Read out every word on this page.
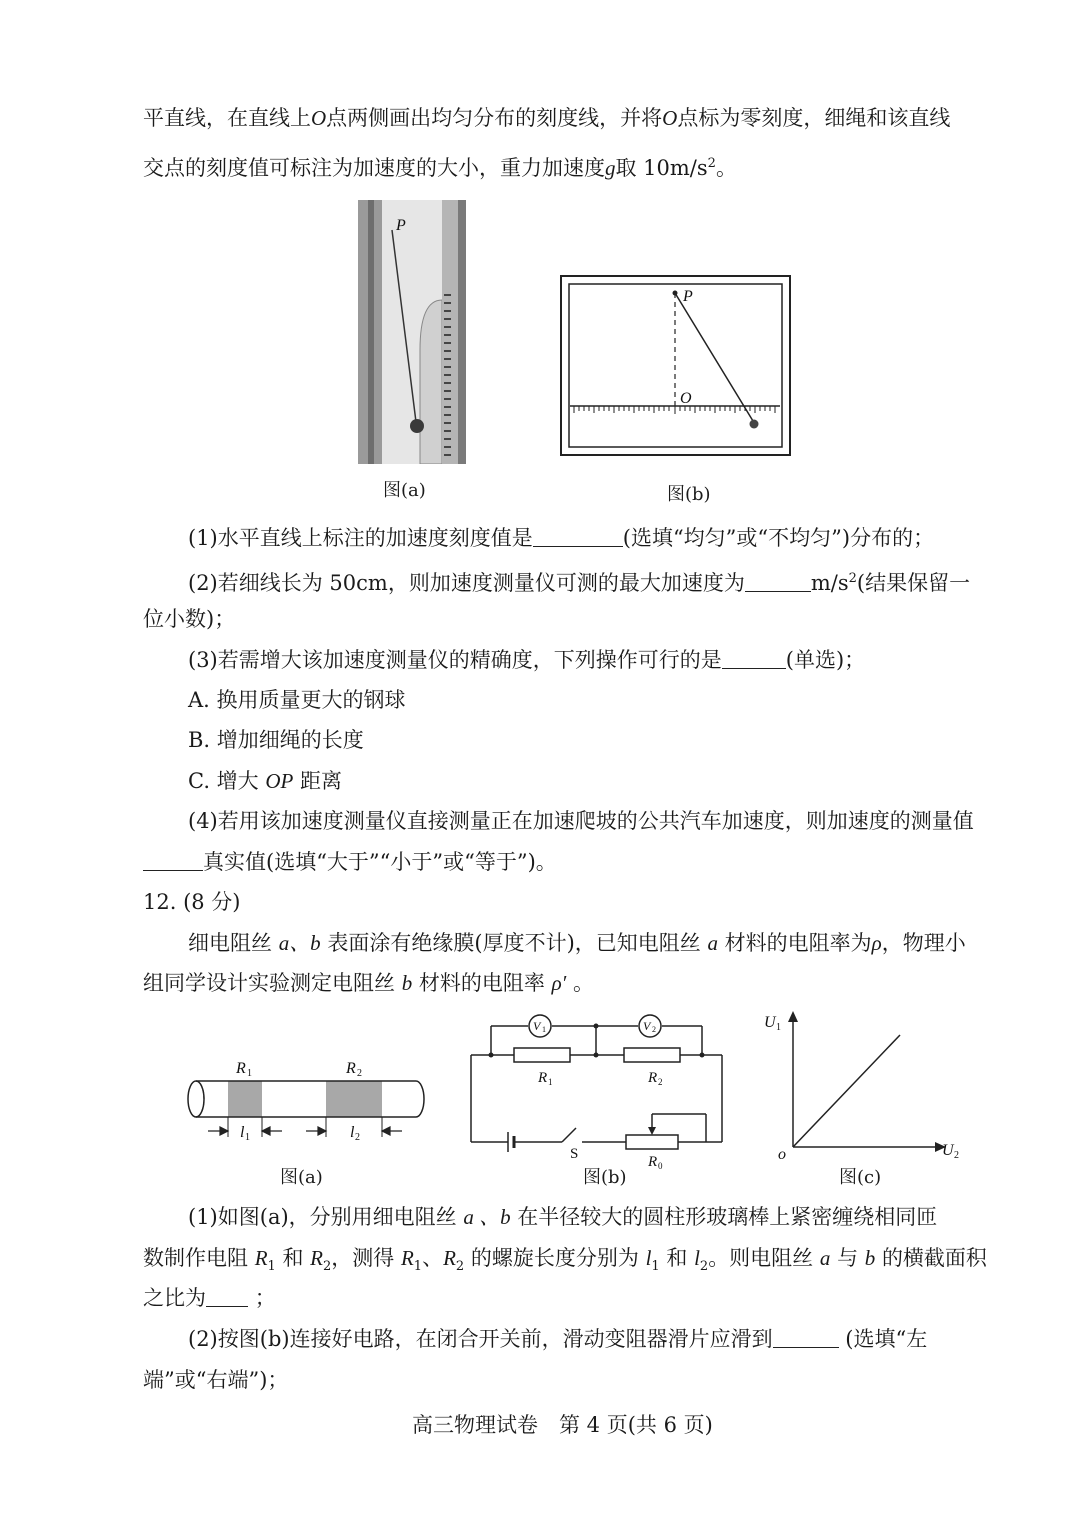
平直线，在直线上O点两侧画出均匀分布的刻度线，并将O点标为零刻度，细绳和该直线
交点的刻度值可标注为加速度的大小，重力加速度g取 $10m/s^2$。
P
图(a)
P
O
图(b)
(1)水平直线上标注的加速度刻度值是	(选填“均匀”或“不均匀”)分布的；
(2)若细线长为 50cm，则加速度测量仪可测的最大加速度为	$m/s^2$(结果保留一
位小数)；
(3)若需增大该加速度测量仪的精确度，下列操作可行的是	(单选)；
A. 换用质量更大的钢球
B. 增加细绳的长度
C. 增大 OP 距离
(4)若用该加速度测量仪直接测量正在加速爬坡的公共汽车加速度，则加速度的测量值
真实值(选填“大于”“小于”或“等于”)。
12. (8 分)
细电阻丝 a、b 表面涂有绝缘膜(厚度不计)，已知电阻丝 a 材料的电阻率为ρ，物理小
组同学设计实验测定电阻丝 b 材料的电阻率 ρ′ 。
R 1	R 2
l 1	l 2
图(a)
V 1	V 2
R 1	R 2
S	R 0
图(b)
U 1
U 2
o
图(c)
(1)如图(a)，分别用细电阻丝 a 、b 在半径较大的圆柱形玻璃棒上紧密缠绕相同匝
数制作电阻 $R_1$ 和 $R_2$，测得 $R_1$、$R_2$ 的螺旋长度分别为 $l_1$ 和 $l_2$。则电阻丝 a 与 b 的横截面积
之比为 ；
(2)按图(b)连接好电路，在闭合开关前，滑动变阻器滑片应滑到	(选填“左
端”或“右端”)；
高三物理试卷　第 4 页(共 6 页)
